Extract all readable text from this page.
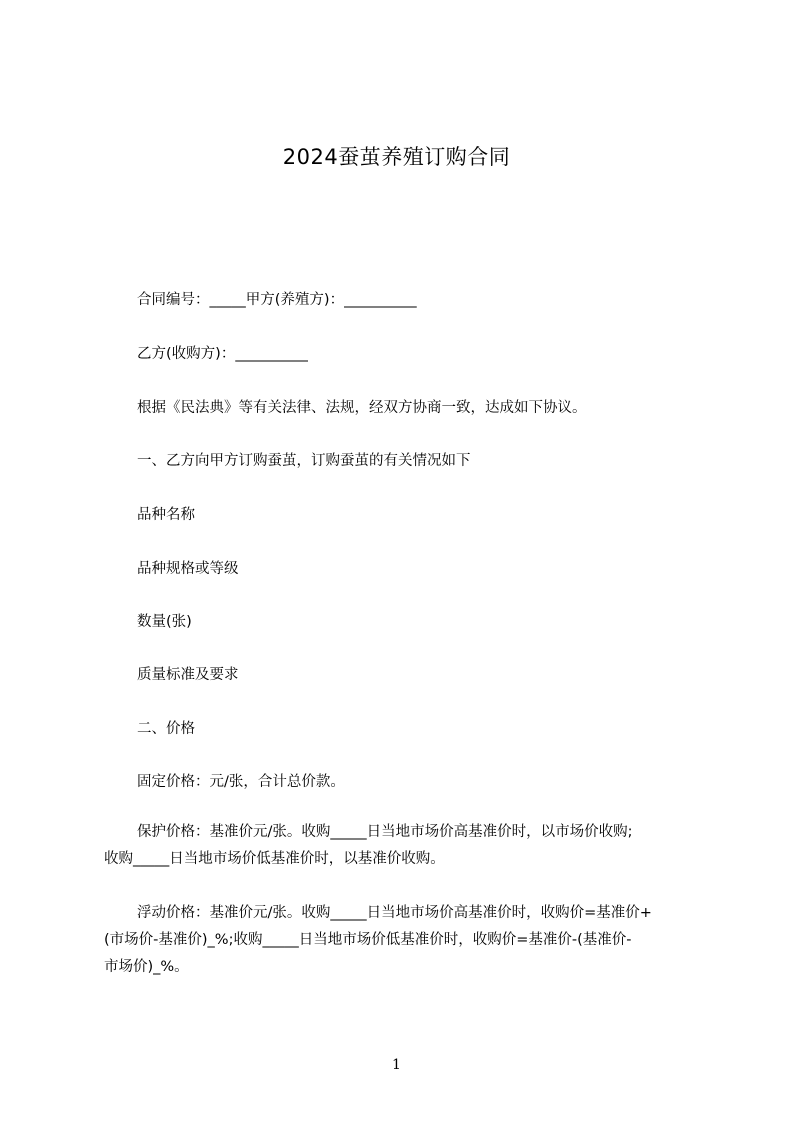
2024蚕茧养殖订购合同
合同编号：_____甲方(养殖方)：__________
乙方(收购方)：__________
根据《民法典》等有关法律、法规，经双方协商一致，达成如下协议。
一、乙方向甲方订购蚕茧，订购蚕茧的有关情况如下
品种名称
品种规格或等级
数量(张)
质量标准及要求
二、价格
固定价格：元/张，合计总价款。
保护价格：基准价元/张。收购_____日当地市场价高基准价时，以市场价收购;
收购_____日当地市场价低基准价时，以基准价收购。
浮动价格：基准价元/张。收购_____日当地市场价高基准价时，收购价=基准价+
(市场价-基准价)_%;收购_____日当地市场价低基准价时，收购价=基准价-(基准价-
市场价)_%。
1
